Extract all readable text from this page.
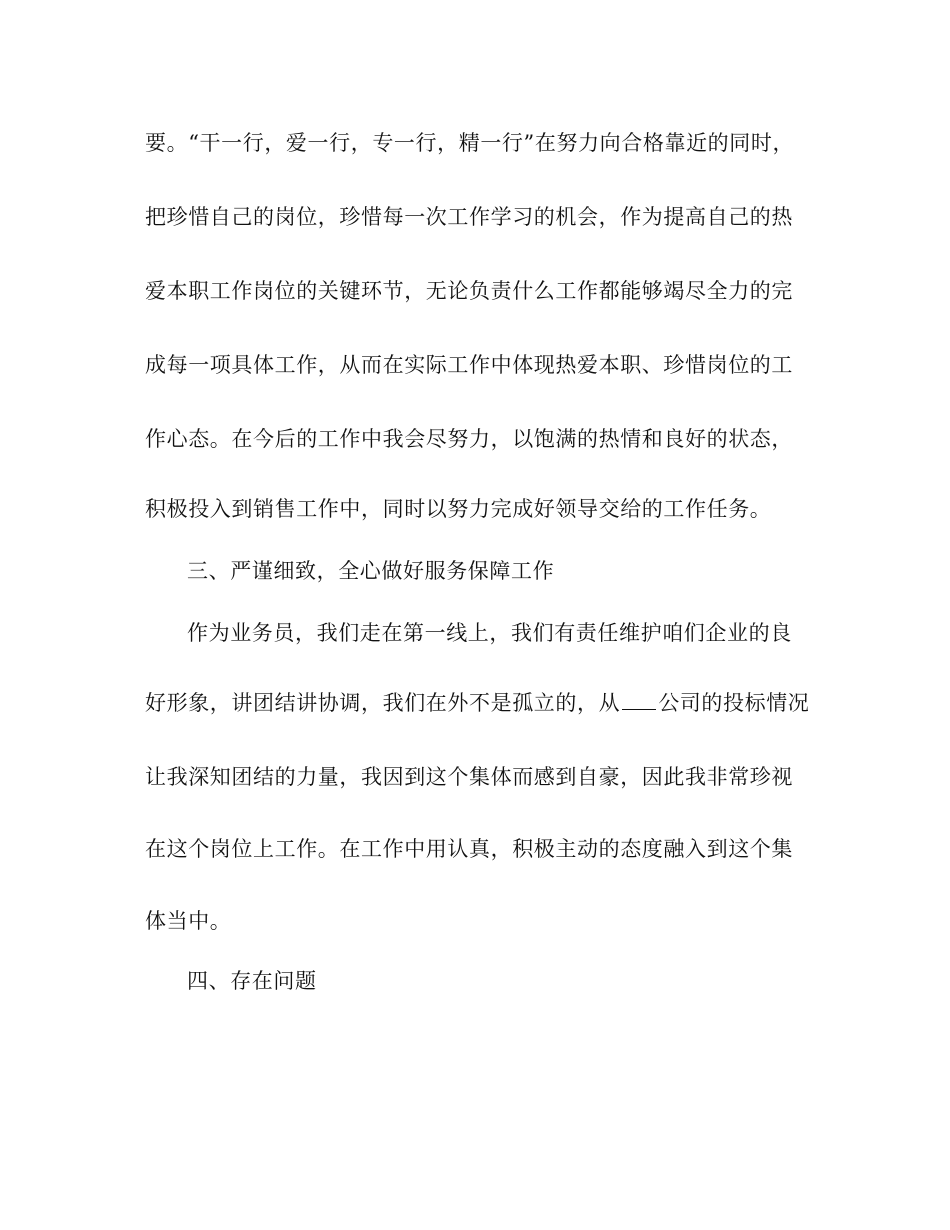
要。“干一行，爱一行，专一行，精一行”在努力向合格靠近的同时，
把珍惜自己的岗位，珍惜每一次工作学习的机会，作为提高自己的热
爱本职工作岗位的关键环节，无论负责什么工作都能够竭尽全力的完
成每一项具体工作，从而在实际工作中体现热爱本职、珍惜岗位的工
作心态。在今后的工作中我会尽努力，以饱满的热情和良好的状态，
积极投入到销售工作中，同时以努力完成好领导交给的工作任务。
三、严谨细致，全心做好服务保障工作
作为业务员，我们走在第一线上，我们有责任维护咱们企业的良
好形象，讲团结讲协调，我们在外不是孤立的，从 公司的投标情况
让我深知团结的力量，我因到这个集体而感到自豪，因此我非常珍视
在这个岗位上工作。在工作中用认真，积极主动的态度融入到这个集
体当中。
四、存在问题
